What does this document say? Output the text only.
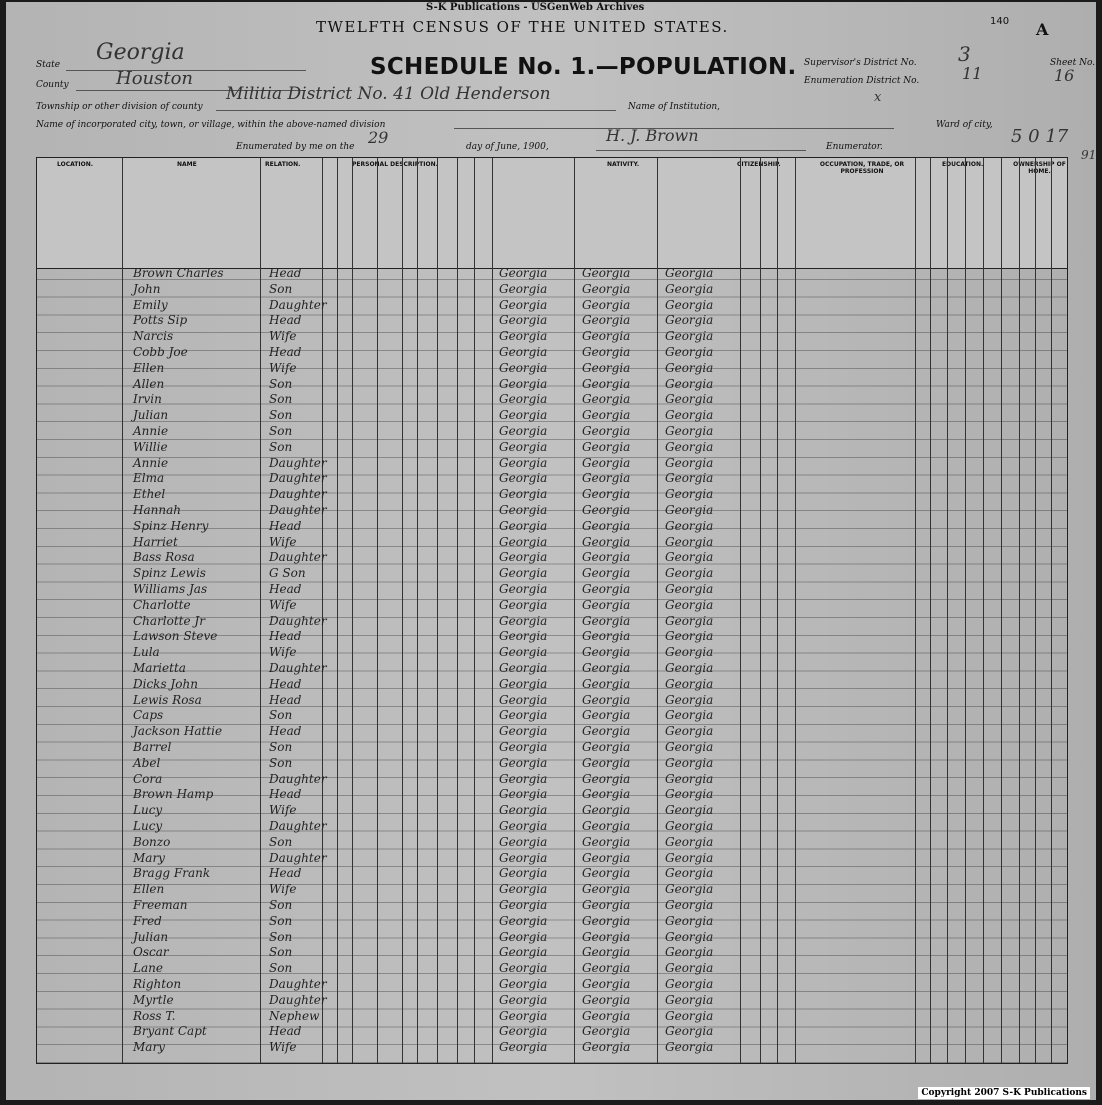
S-K Publications - USGenWeb Archives
TWELFTH CENSUS OF THE UNITED STATES.	140 A
SCHEDULE No. 1.—POPULATION.
State Georgia
County	Houston
Township or other division of county
Militia District No. 41 Old Henderson
Name of Institution,
Name of incorporated city, town, or village, within the above-named division
x
Ward of city,
Enumerated by me on the 29	day of June, 1900,
H. J. Brown
Enumerator.
Supervisor's District No. 3
Enumeration District No.	11
Sheet No.
16
5 0 17
91
LOCATION.	NAME	RELATION.	PERSONAL DESCRIPTION.	NATIVITY.	CITIZENSHIP.	OCCUPATION, TRADE, OR PROFESSION
EDUCATION.	OWNERSHIP OF HOME.
Brown Charles	Head	Georgia	Georgia	Georgia
John	Son	Georgia	Georgia	Georgia
Emily	Daughter	Georgia	Georgia	Georgia
Potts Sip	Head	Georgia	Georgia	Georgia
Narcis	Wife	Georgia	Georgia	Georgia
Cobb Joe	Head	Georgia	Georgia	Georgia
Ellen	Wife	Georgia	Georgia	Georgia
Allen	Son	Georgia	Georgia	Georgia
Irvin	Son	Georgia	Georgia	Georgia
Julian	Son	Georgia	Georgia	Georgia
Annie	Son	Georgia	Georgia	Georgia
Willie	Son	Georgia	Georgia	Georgia
Annie	Daughter	Georgia	Georgia	Georgia
Elma	Daughter	Georgia	Georgia	Georgia
Ethel	Daughter	Georgia	Georgia	Georgia
Hannah	Daughter	Georgia	Georgia	Georgia
Spinz Henry	Head	Georgia	Georgia	Georgia
Harriet	Wife	Georgia	Georgia	Georgia
Bass Rosa	Daughter	Georgia	Georgia	Georgia
Spinz Lewis	G Son	Georgia	Georgia	Georgia
Williams Jas	Head	Georgia	Georgia	Georgia
Charlotte	Wife	Georgia	Georgia	Georgia
Charlotte Jr	Daughter	Georgia	Georgia	Georgia
Lawson Steve	Head	Georgia	Georgia	Georgia
Lula	Wife	Georgia	Georgia	Georgia
Marietta	Daughter	Georgia	Georgia	Georgia
Dicks John	Head	Georgia	Georgia	Georgia
Lewis Rosa	Head	Georgia	Georgia	Georgia
Caps	Son	Georgia	Georgia	Georgia
Jackson Hattie	Head	Georgia	Georgia	Georgia
Barrel	Son	Georgia	Georgia	Georgia
Abel	Son	Georgia	Georgia	Georgia
Cora	Daughter	Georgia	Georgia	Georgia
Brown Hamp	Head	Georgia	Georgia	Georgia
Lucy	Wife	Georgia	Georgia	Georgia
Lucy	Daughter	Georgia	Georgia	Georgia
Bonzo	Son	Georgia	Georgia	Georgia
Mary	Daughter	Georgia	Georgia	Georgia
Bragg Frank	Head	Georgia	Georgia	Georgia
Ellen	Wife	Georgia	Georgia	Georgia
Freeman	Son	Georgia	Georgia	Georgia
Fred	Son	Georgia	Georgia	Georgia
Julian	Son	Georgia	Georgia	Georgia
Oscar	Son	Georgia	Georgia	Georgia
Lane	Son	Georgia	Georgia	Georgia
Righton	Daughter	Georgia	Georgia	Georgia
Myrtle	Daughter	Georgia	Georgia	Georgia
Ross T.	Nephew	Georgia	Georgia	Georgia
Bryant Capt	Head	Georgia	Georgia	Georgia
Mary	Wife	Georgia	Georgia	Georgia
Copyright 2007 S-K Publications
